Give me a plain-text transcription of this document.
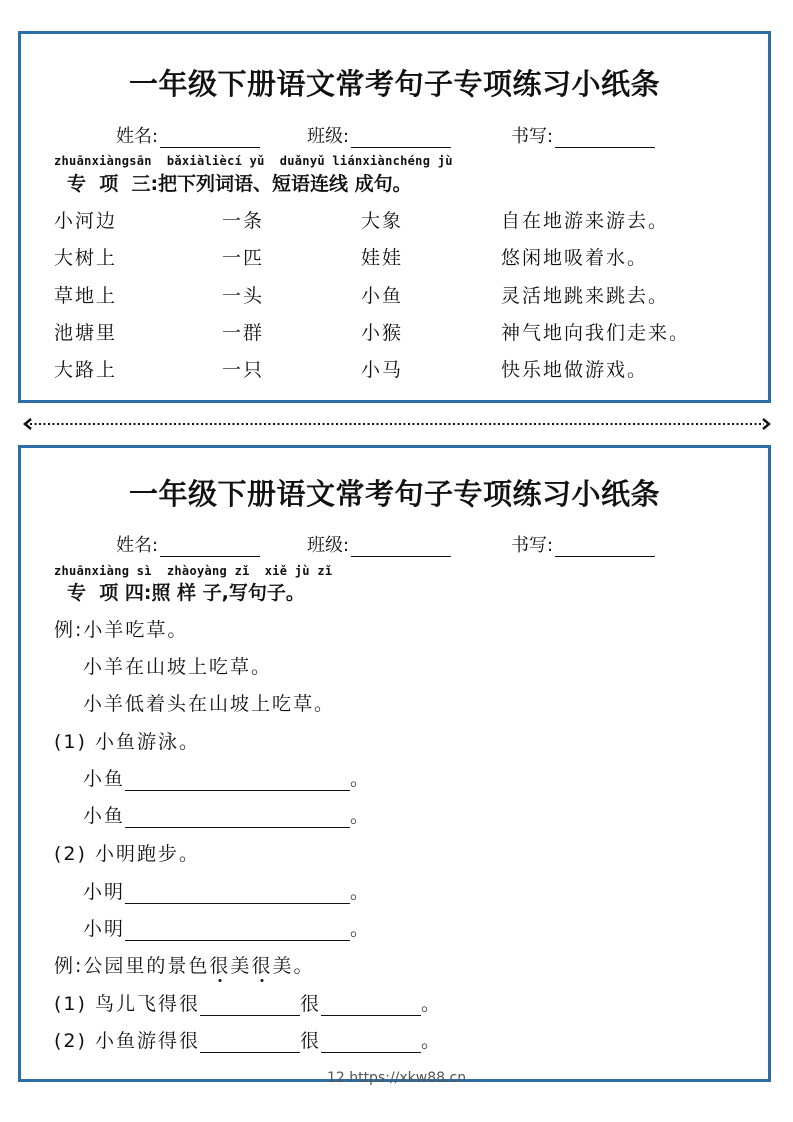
一年级下册语文常考句子专项练习小纸条
姓名:	班级:	书写:
zhuānxiàngsān  bǎxiàliècí yǔ  duǎnyǔ liánxiànchéng jù
专  项  三:把下列词语、短语连线 成句。
小河边	一条	大象	自在地游来游去。
大树上	一匹	娃娃	悠闲地吸着水。
草地上	一头	小鱼	灵活地跳来跳去。
池塘里	一群	小猴	神气地向我们走来。
大路上	一只	小马	快乐地做游戏。
一年级下册语文常考句子专项练习小纸条
姓名:	班级:	书写:
zhuānxiàng sì  zhàoyàng zǐ  xiě jù zǐ
专  项 四:照 样 子,写句子。
例:小羊吃草。
小羊在山坡上吃草。
小羊低着头在山坡上吃草。
(1) 小鱼游泳。
小鱼	。
小鱼	。
(2) 小明跑步。
小明	。
小明	。
例:公园里的景色很美很美。
(1) 鸟儿飞得很	很	。
(2) 小鱼游得很	很	。
12 https://xkw88.cn
